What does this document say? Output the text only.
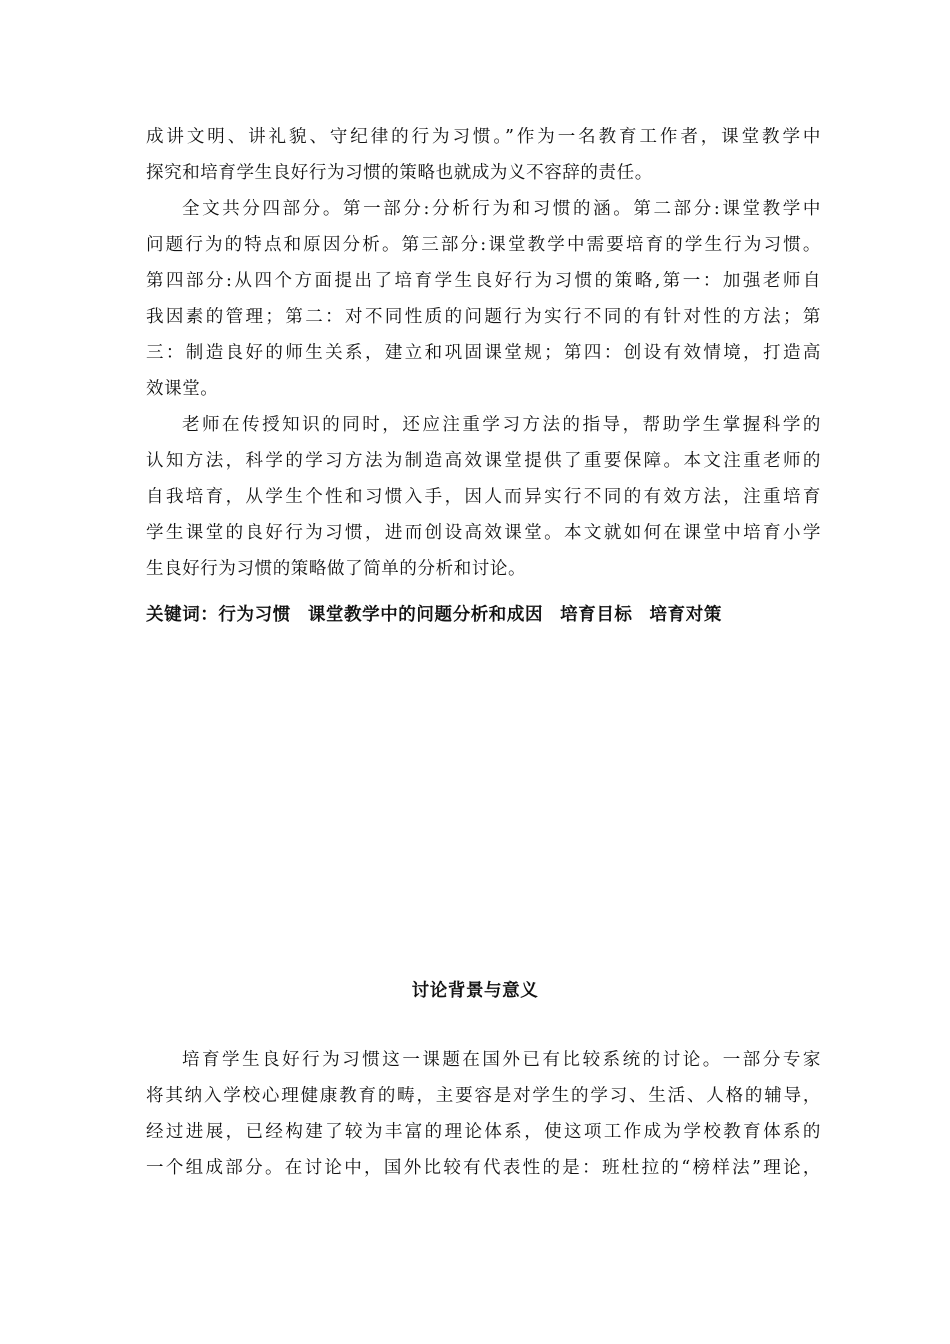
成讲文明、讲礼貌、守纪律的行为习惯。”作为一名教育工作者，课堂教学中
探究和培育学生良好行为习惯的策略也就成为义不容辞的责任。
全文共分四部分。第一部分:分析行为和习惯的涵。第二部分:课堂教学中
问题行为的特点和原因分析。第三部分:课堂教学中需要培育的学生行为习惯。
第四部分:从四个方面提出了培育学生良好行为习惯的策略,第一：加强老师自
我因素的管理；第二：对不同性质的问题行为实行不同的有针对性的方法；第
三：制造良好的师生关系，建立和巩固课堂规；第四：创设有效情境，打造高
效课堂。
老师在传授知识的同时，还应注重学习方法的指导，帮助学生掌握科学的
认知方法，科学的学习方法为制造高效课堂提供了重要保障。本文注重老师的
自我培育，从学生个性和习惯入手，因人而异实行不同的有效方法，注重培育
学生课堂的良好行为习惯，进而创设高效课堂。本文就如何在课堂中培育小学
生良好行为习惯的策略做了简单的分析和讨论。
关键词：行为习惯 课堂教学中的问题分析和成因 培育目标 培育对策
讨论背景与意义
培育学生良好行为习惯这一课题在国外已有比较系统的讨论。一部分专家
将其纳入学校心理健康教育的畴，主要容是对学生的学习、生活、人格的辅导，
经过进展，已经构建了较为丰富的理论体系，使这项工作成为学校教育体系的
一个组成部分。在讨论中，国外比较有代表性的是：班杜拉的“榜样法”理论，
